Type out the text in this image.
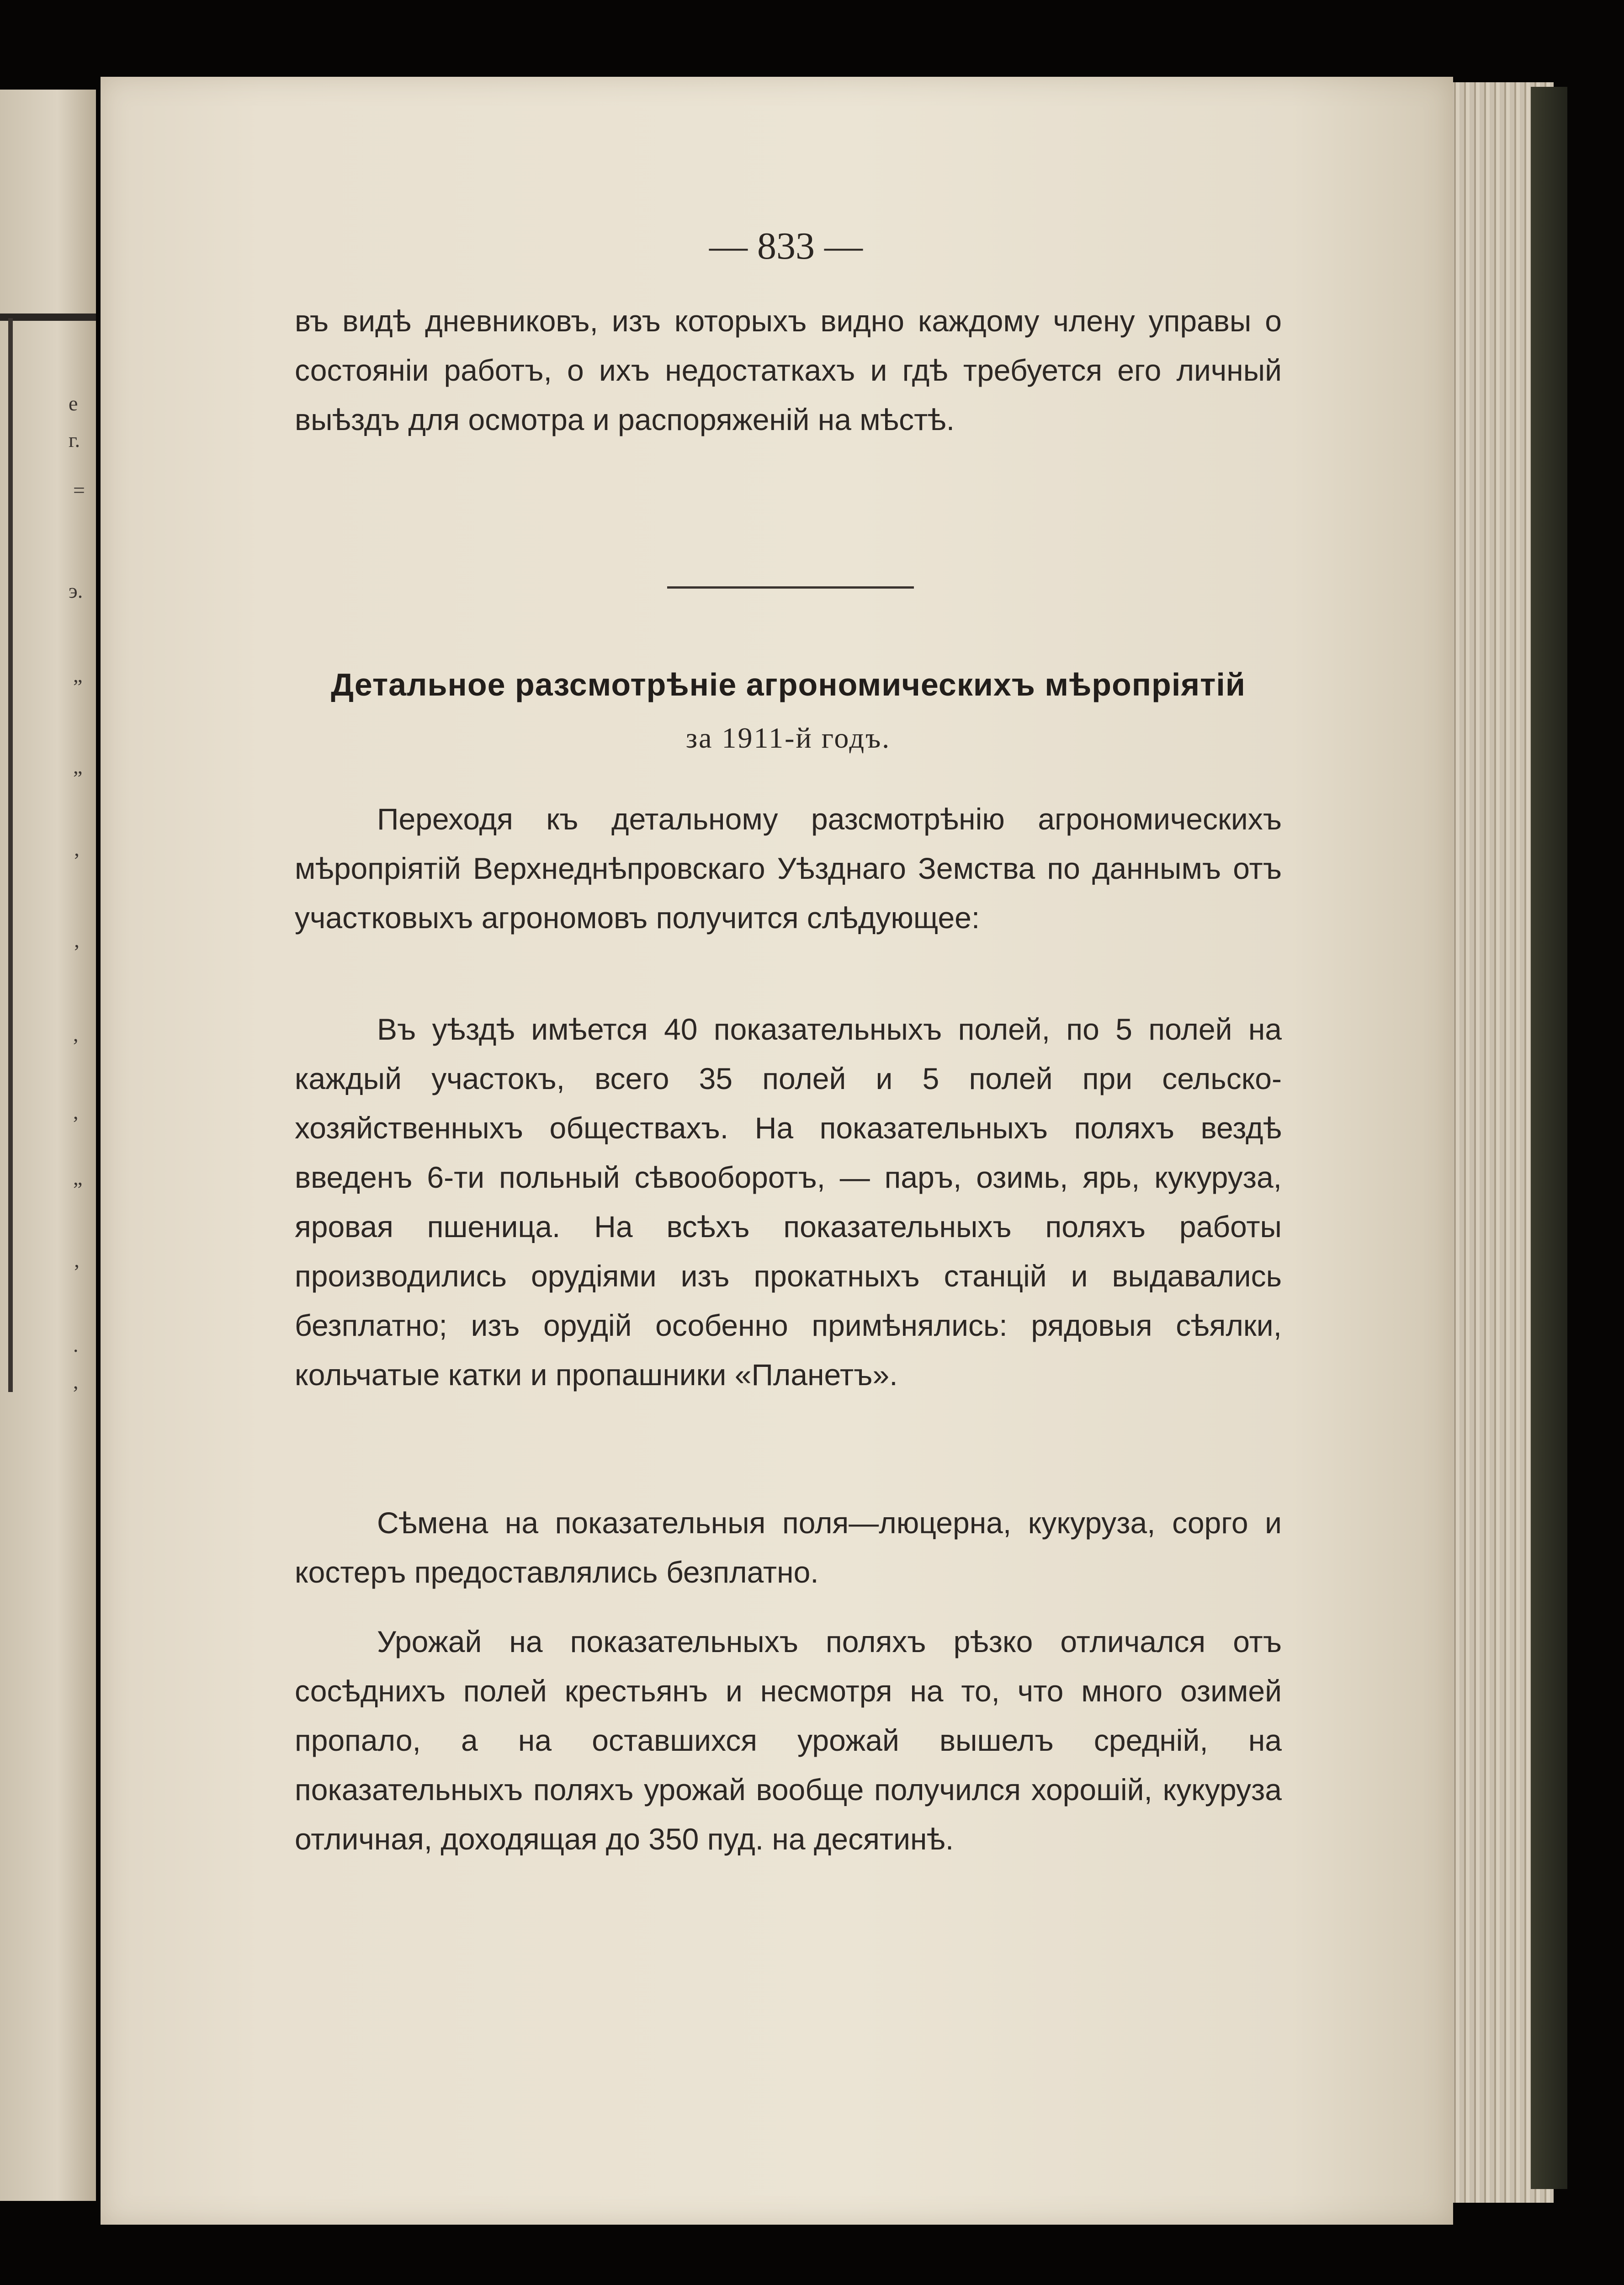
е
г.
=
э.
”
”
’
’
,
,
”
’
.
,
— 833 —

въ видѣ дневниковъ, изъ которыхъ видно каждому члену управы о состояніи работъ, о ихъ недостаткахъ и гдѣ требуется его личный выѣздъ для осмотра и распоряженій на мѣстѣ.

Детальное разсмотрѣніе агрономическихъ мѣропріятій
за 1911-й годъ.

Переходя къ детальному разсмотрѣнію агрономическихъ мѣропріятій Верхнеднѣпровскаго Уѣзднаго Земства по даннымъ отъ участковыхъ агрономовъ получится слѣдующее:

Въ уѣздѣ имѣется 40 показательныхъ полей, по 5 полей на каждый участокъ, всего 35 полей и 5 полей при сельско-хозяйственныхъ обществахъ. На показательныхъ поляхъ вездѣ введенъ 6-ти польный сѣвооборотъ, — паръ, озимь, ярь, кукуруза, яровая пшеница. На всѣхъ показательныхъ поляхъ работы производились орудіями изъ прокатныхъ станцій и выдавались безплатно; изъ орудій особенно примѣнялись: рядовыя сѣялки, кольчатые катки и пропашники «Планетъ».

Сѣмена на показательныя поля—люцерна, кукуруза, сорго и костеръ предоставлялись безплатно.

Урожай на показательныхъ поляхъ рѣзко отличался отъ сосѣднихъ полей крестьянъ и несмотря на то, что много озимей пропало, а на оставшихся урожай вышелъ средній, на показательныхъ поляхъ урожай вообще получился хорошій, кукуруза отличная, доходящая до 350 пуд. на десятинѣ.
